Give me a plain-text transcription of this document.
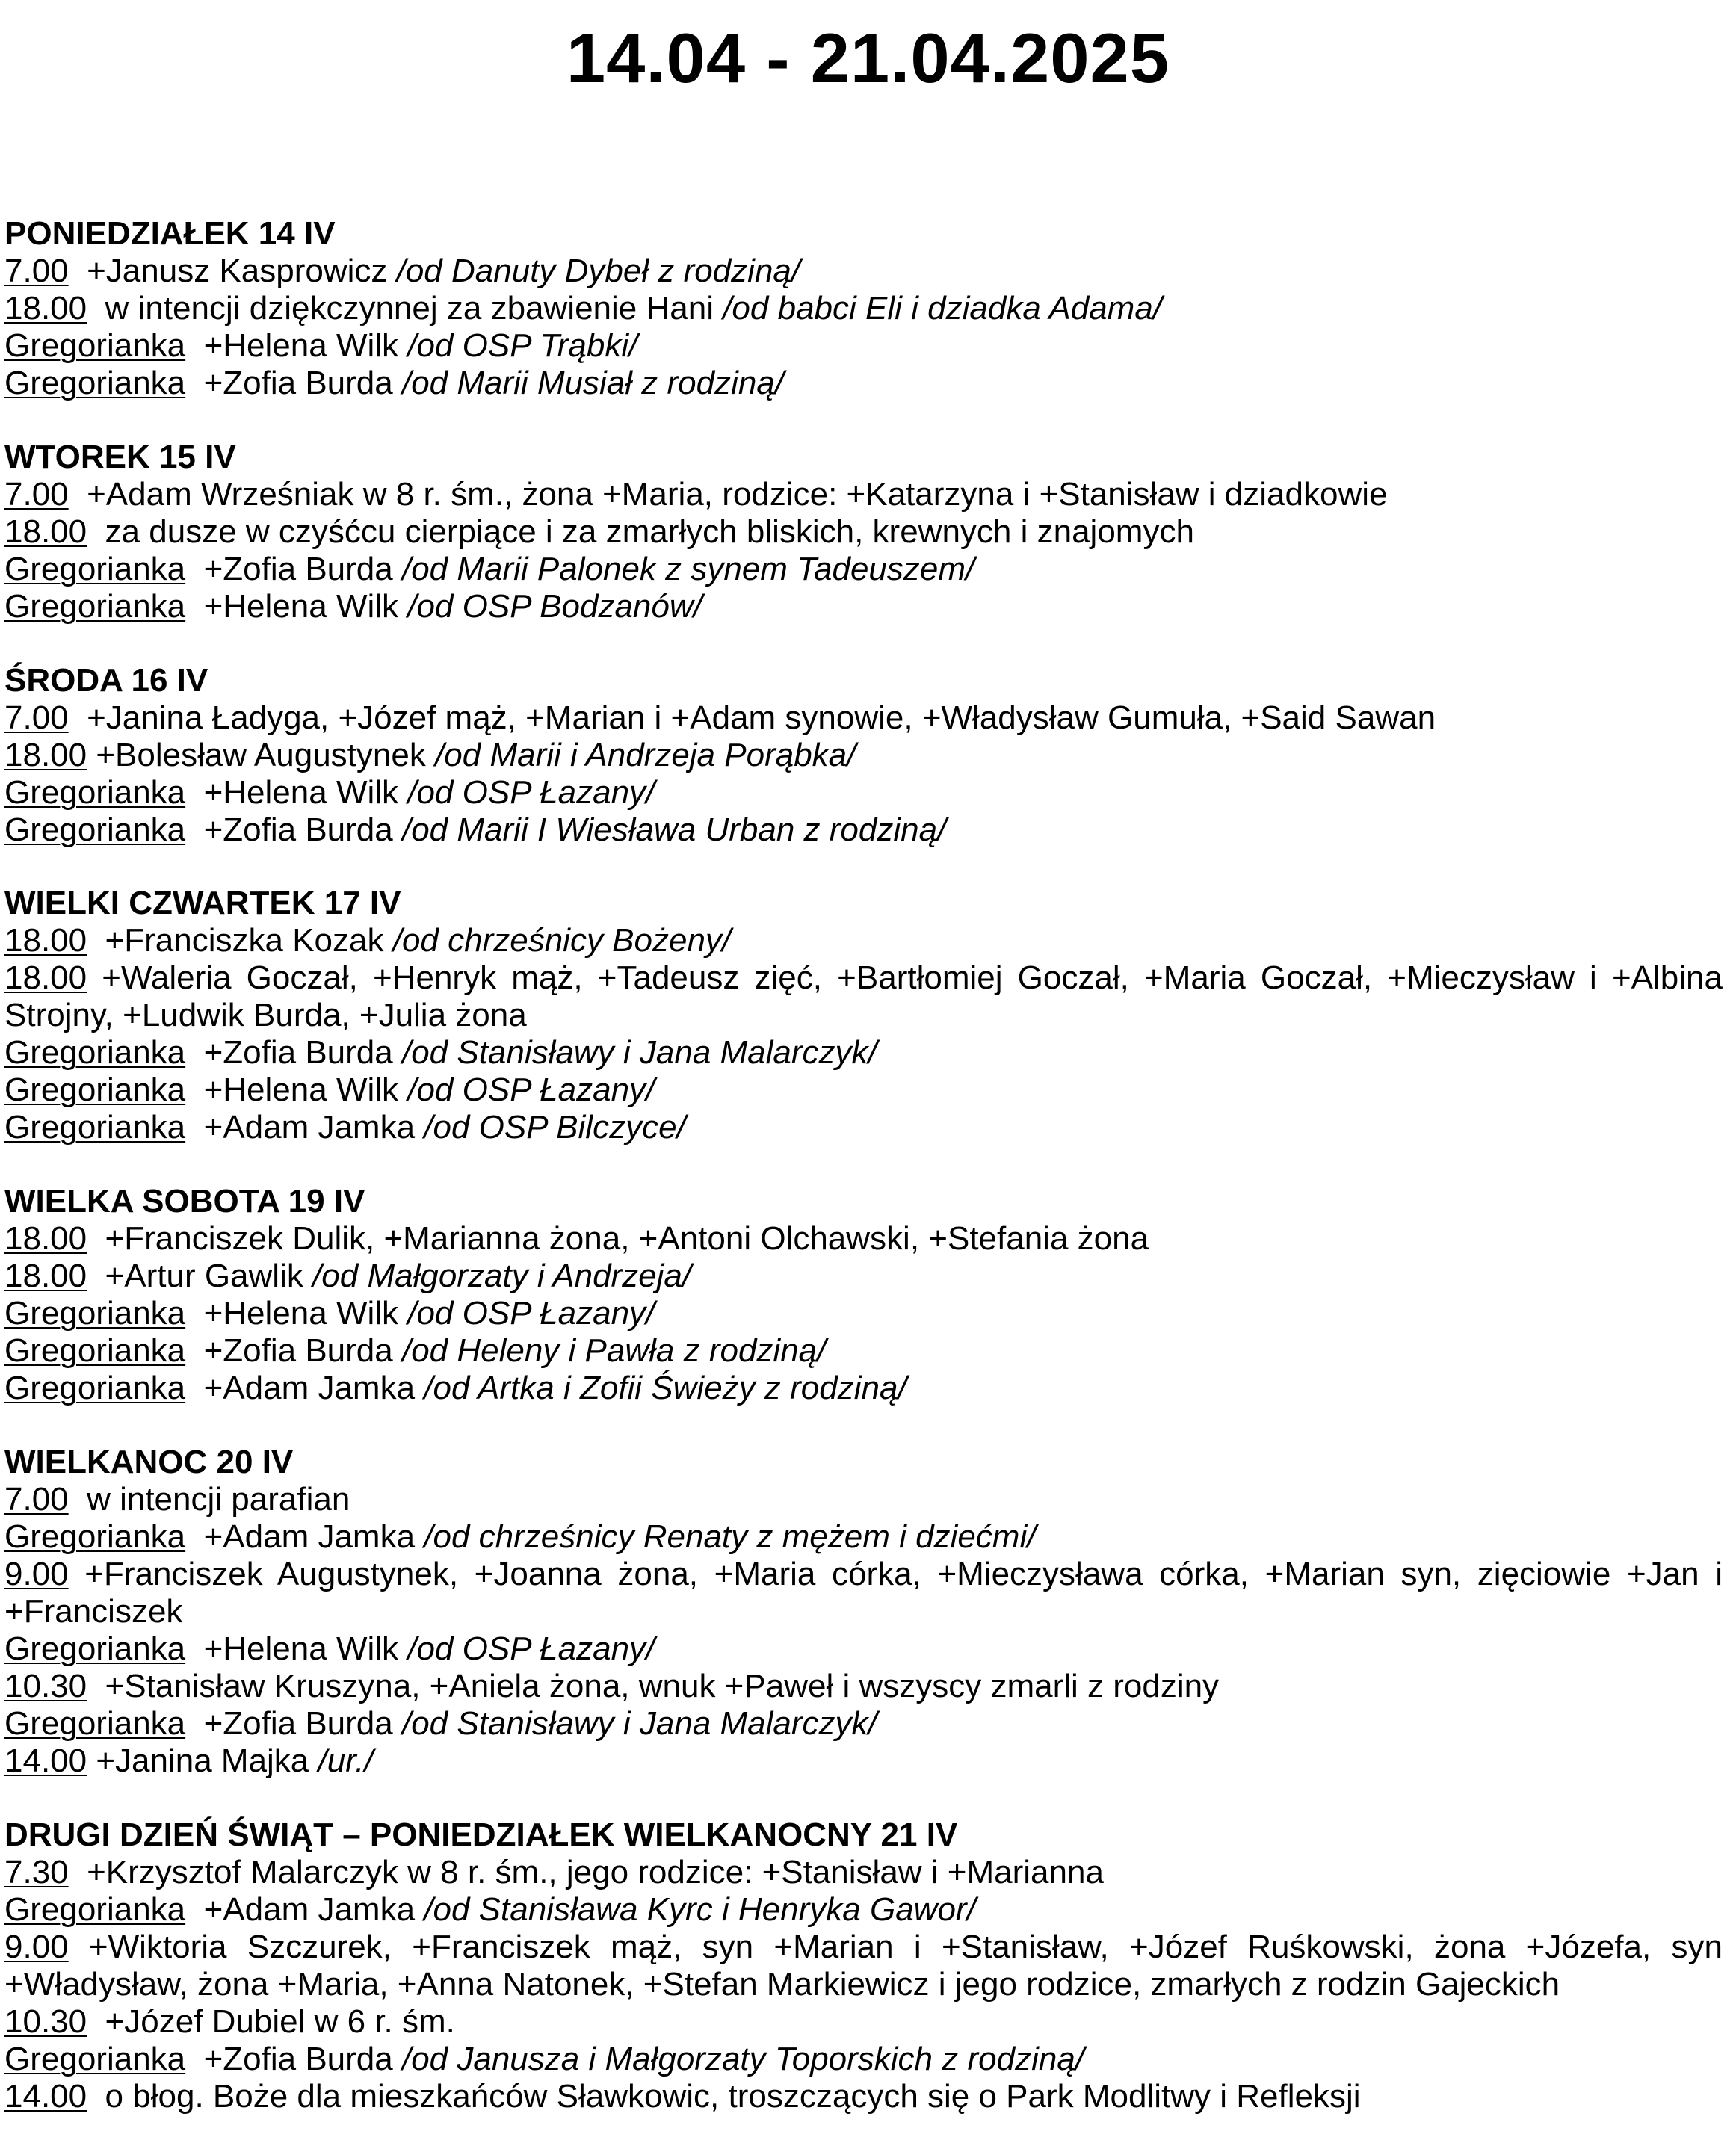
14.04 - 21.04.2025
PONIEDZIAŁEK 14 IV
7.00  +Janusz Kasprowicz /od Danuty Dybeł z rodziną/
18.00  w intencji dziękczynnej za zbawienie Hani /od babci Eli i dziadka Adama/
Gregorianka  +Helena Wilk /od OSP Trąbki/
Gregorianka  +Zofia Burda /od Marii Musiał z rodziną/
WTOREK 15 IV
7.00  +Adam Wrześniak w 8 r. śm., żona +Maria, rodzice: +Katarzyna i +Stanisław i dziadkowie
18.00  za dusze w czyśćcu cierpiące i za zmarłych bliskich, krewnych i znajomych
Gregorianka  +Zofia Burda /od Marii Palonek z synem Tadeuszem/
Gregorianka  +Helena Wilk /od OSP Bodzanów/
ŚRODA 16 IV
7.00  +Janina Ładyga, +Józef mąż, +Marian i +Adam synowie, +Władysław Gumuła, +Said Sawan
18.00 +Bolesław Augustynek /od Marii i Andrzeja Porąbka/
Gregorianka  +Helena Wilk /od OSP Łazany/
Gregorianka  +Zofia Burda /od Marii I Wiesława Urban z rodziną/
WIELKI CZWARTEK 17 IV
18.00  +Franciszka Kozak /od chrześnicy Bożeny/
18.00 +Waleria Goczał, +Henryk mąż, +Tadeusz zięć, +Bartłomiej Goczał, +Maria Goczał, +Mieczysław i +Albina Strojny, +Ludwik Burda, +Julia żona
Gregorianka  +Zofia Burda /od Stanisławy i Jana Malarczyk/
Gregorianka  +Helena Wilk /od OSP Łazany/
Gregorianka  +Adam Jamka /od OSP Bilczyce/
WIELKA SOBOTA 19 IV
18.00  +Franciszek Dulik, +Marianna żona, +Antoni Olchawski, +Stefania żona
18.00  +Artur Gawlik /od Małgorzaty i Andrzeja/
Gregorianka  +Helena Wilk /od OSP Łazany/
Gregorianka  +Zofia Burda /od Heleny i Pawła z rodziną/
Gregorianka  +Adam Jamka /od Artka i Zofii Świeży z rodziną/
WIELKANOC 20 IV
7.00  w intencji parafian
Gregorianka  +Adam Jamka /od chrześnicy Renaty z mężem i dziećmi/
9.00 +Franciszek Augustynek, +Joanna żona, +Maria córka, +Mieczysława córka, +Marian syn, zięciowie +Jan i +Franciszek
Gregorianka  +Helena Wilk /od OSP Łazany/
10.30  +Stanisław Kruszyna, +Aniela żona, wnuk +Paweł i wszyscy zmarli z rodziny
Gregorianka  +Zofia Burda /od Stanisławy i Jana Malarczyk/
14.00 +Janina Majka /ur./
DRUGI DZIEŃ ŚWIĄT – PONIEDZIAŁEK WIELKANOCNY 21 IV
7.30  +Krzysztof Malarczyk w 8 r. śm., jego rodzice: +Stanisław i +Marianna
Gregorianka  +Adam Jamka /od Stanisława Kyrc i Henryka Gawor/
9.00 +Wiktoria Szczurek, +Franciszek mąż, syn +Marian i +Stanisław, +Józef Ruśkowski, żona +Józefa, syn +Władysław, żona +Maria, +Anna Natonek, +Stefan Markiewicz i jego rodzice, zmarłych z rodzin Gajeckich
10.30  +Józef Dubiel w 6 r. śm.
Gregorianka  +Zofia Burda /od Janusza i Małgorzaty Toporskich z rodziną/
14.00  o błog. Boże dla mieszkańców Sławkowic, troszczących się o Park Modlitwy i Refleksji
